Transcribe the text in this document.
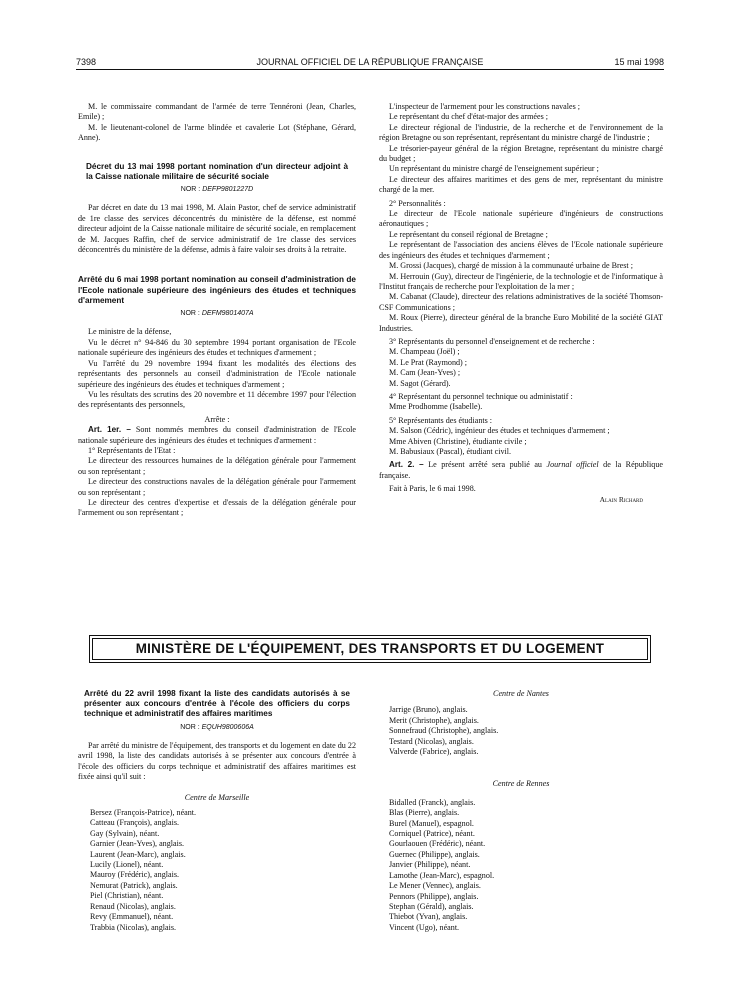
7398	JOURNAL OFFICIEL DE LA RÉPUBLIQUE FRANÇAISE	15 mai 1998

M. le commissaire commandant de l'armée de terre Tennéroni (Jean, Charles, Emile) ;

M. le lieutenant-colonel de l'arme blindée et cavalerie Lot (Stéphane, Gérard, Anne).

Décret du 13 mai 1998 portant nomination d'un directeur adjoint à la Caisse nationale militaire de sécurité sociale

NOR : DEFP9801227D

Par décret en date du 13 mai 1998, M. Alain Pastor, chef de service administratif de 1re classe des services déconcentrés du ministère de la défense, est nommé directeur adjoint de la Caisse nationale militaire de sécurité sociale, en remplacement de M. Jacques Raffin, chef de service administratif de 1re classe des services déconcentrés du ministère de la défense, admis à faire valoir ses droits à la retraite.

Arrêté du 6 mai 1998 portant nomination au conseil d'administration de l'Ecole nationale supérieure des ingénieurs des études et techniques d'armement

NOR : DEFM9801407A

Le ministre de la défense,

Vu le décret n° 94-846 du 30 septembre 1994 portant organisation de l'Ecole nationale supérieure des ingénieurs des études et techniques d'armement ;

Vu l'arrêté du 29 novembre 1994 fixant les modalités des élections des représentants des personnels au conseil d'administration de l'Ecole nationale supérieure des ingénieurs des études et techniques d'armement ;

Vu les résultats des scrutins des 20 novembre et 11 décembre 1997 pour l'élection des représentants des personnels,

Arrête :

Art. 1er. – Sont nommés membres du conseil d'administration de l'Ecole nationale supérieure des ingénieurs des études et techniques d'armement :

1° Représentants de l'Etat :

Le directeur des ressources humaines de la délégation générale pour l'armement ou son représentant ;

Le directeur des constructions navales de la délégation générale pour l'armement ou son représentant ;

Le directeur des centres d'expertise et d'essais de la délégation générale pour l'armement ou son représentant ;

L'inspecteur de l'armement pour les constructions navales ;

Le représentant du chef d'état-major des armées ;

Le directeur régional de l'industrie, de la recherche et de l'environnement de la région Bretagne ou son représentant, représentant du ministre chargé de l'industrie ;

Le trésorier-payeur général de la région Bretagne, représentant du ministre chargé du budget ;

Un représentant du ministre chargé de l'enseignement supérieur ;

Le directeur des affaires maritimes et des gens de mer, représentant du ministre chargé de la mer.

2° Personnalités :

Le directeur de l'Ecole nationale supérieure d'ingénieurs de constructions aéronautiques ;

Le représentant du conseil régional de Bretagne ;

Le représentant de l'association des anciens élèves de l'Ecole nationale supérieure des ingénieurs des études et techniques d'armement ;

M. Grossi (Jacques), chargé de mission à la communauté urbaine de Brest ;

M. Herrouin (Guy), directeur de l'ingénierie, de la technologie et de l'informatique à l'Institut français de recherche pour l'exploitation de la mer ;

M. Cabanat (Claude), directeur des relations administratives de la société Thomson-CSF Communications ;

M. Roux (Pierre), directeur général de la branche Euro Mobilité de la société GIAT Industries.

3° Représentants du personnel d'enseignement et de recherche :

M. Champeau (Joël) ;

M. Le Prat (Raymond) ;

M. Cam (Jean-Yves) ;

M. Sagot (Gérard).

4° Représentant du personnel technique ou administatif :

Mme Prodhomme (Isabelle).

5° Représentants des étudiants :

M. Salson (Cédric), ingénieur des études et techniques d'armement ;

Mme Abiven (Christine), étudiante civile ;

M. Babusiaux (Pascal), étudiant civil.

Art. 2. – Le présent arrêté sera publié au Journal officiel de la République française.

Fait à Paris, le 6 mai 1998.

Alain Richard

MINISTÈRE DE L'ÉQUIPEMENT, DES TRANSPORTS ET DU LOGEMENT

Arrêté du 22 avril 1998 fixant la liste des candidats autorisés à se présenter aux concours d'entrée à l'école des officiers du corps technique et administratif des affaires maritimes

NOR : EQUH9800606A

Par arrêté du ministre de l'équipement, des transports et du logement en date du 22 avril 1998, la liste des candidats autorisés à se présenter aux concours d'entrée à l'école des officiers du corps technique et administratif des affaires maritimes est fixée ainsi qu'il suit :

Centre de Marseille

Bersez (François-Patrice), néant.

Catteau (François), anglais.

Gay (Sylvain), néant.

Garnier (Jean-Yves), anglais.

Laurent (Jean-Marc), anglais.

Lucily (Lionel), néant.

Mauroy (Frédéric), anglais.

Nemurat (Patrick), anglais.

Piel (Christian), néant.

Renaud (Nicolas), anglais.

Revy (Emmanuel), néant.

Trabbia (Nicolas), anglais.

Centre de Nantes

Jarrige (Bruno), anglais.

Merit (Christophe), anglais.

Sonnefraud (Christophe), anglais.

Testard (Nicolas), anglais.

Valverde (Fabrice), anglais.

Centre de Rennes

Bidalled (Franck), anglais.

Blas (Pierre), anglais.

Burel (Manuel), espagnol.

Corniquel (Patrice), néant.

Gourlaouen (Frédéric), néant.

Guernec (Philippe), anglais.

Janvier (Philippe), néant.

Lamothe (Jean-Marc), espagnol.

Le Mener (Vennec), anglais.

Pennors (Philippe), anglais.

Stephan (Gérald), anglais.

Thiebot (Yvan), anglais.

Vincent (Ugo), néant.
